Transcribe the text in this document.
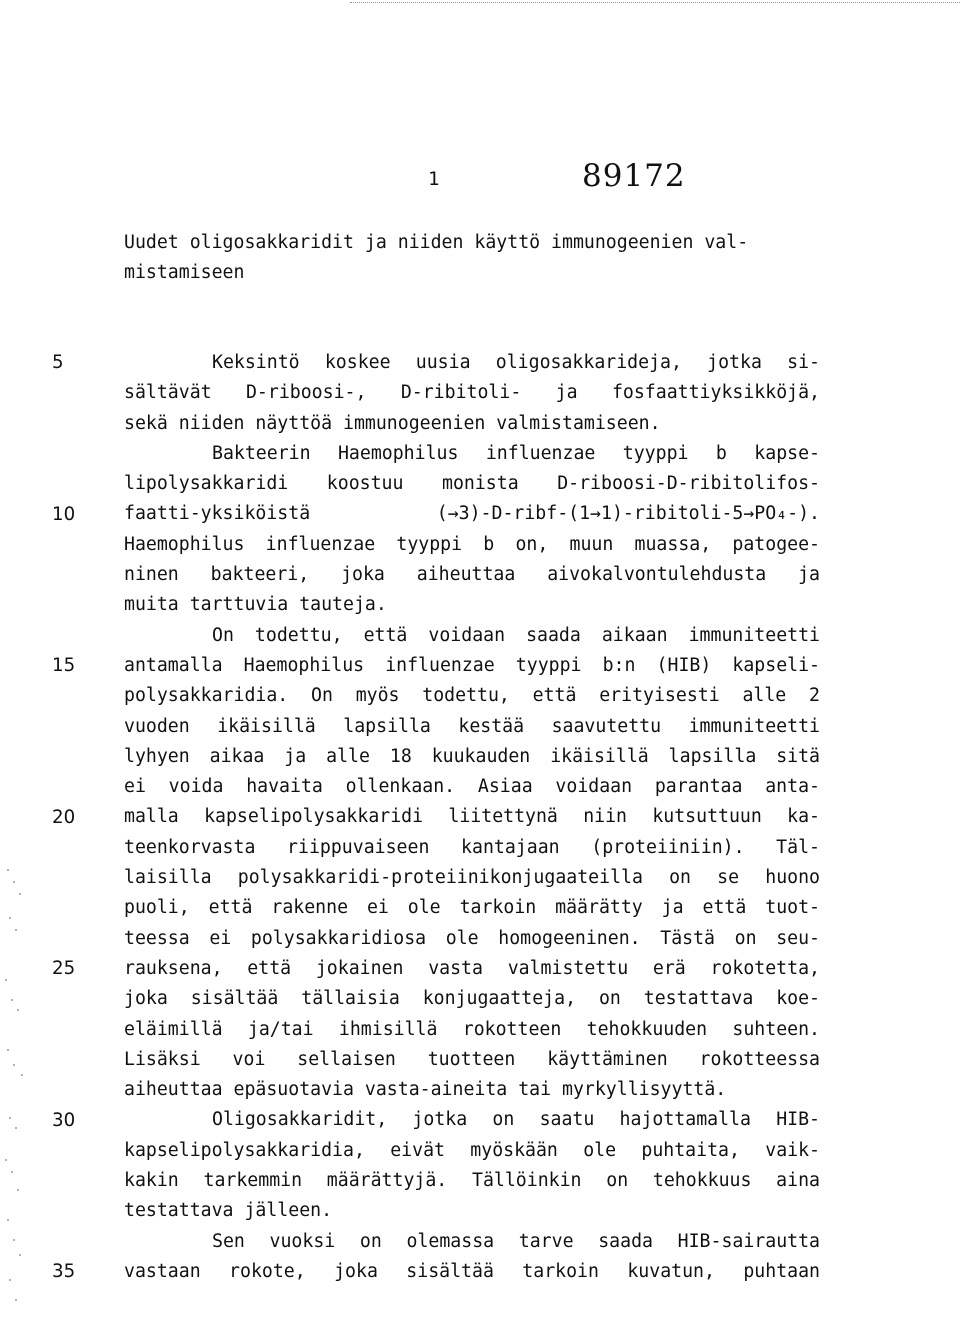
1	89172
Uudet oligosakkaridit ja niiden käyttö immunogeenien val-
mistamiseen
5
10
15
20
25
30
35
Keksintö koskee uusia oligosakkarideja, jotka si-
sältävät D-riboosi-, D-ribitoli- ja fosfaattiyksikköjä,
sekä niiden näyttöä immunogeenien valmistamiseen.
Bakteerin Haemophilus influenzae tyyppi b kapse-
lipolysakkaridi koostuu monista D-riboosi-D-ribitolifos-
faatti-yksiköistä (→3)-D-ribf-(1→1)-ribitoli-5→PO₄-).
Haemophilus influenzae tyyppi b on, muun muassa, patogee-
ninen bakteeri, joka aiheuttaa aivokalvontulehdusta ja
muita tarttuvia tauteja.
On todettu, että voidaan saada aikaan immuniteetti
antamalla Haemophilus influenzae tyyppi b:n (HIB) kapseli-
polysakkaridia. On myös todettu, että erityisesti alle 2
vuoden ikäisillä lapsilla kestää saavutettu immuniteetti
lyhyen aikaa ja alle 18 kuukauden ikäisillä lapsilla sitä
ei voida havaita ollenkaan. Asiaa voidaan parantaa anta-
malla kapselipolysakkaridi liitettynä niin kutsuttuun ka-
teenkorvasta riippuvaiseen kantajaan (proteiiniin). Täl-
laisilla polysakkaridi-proteiinikonjugaateilla on se huono
puoli, että rakenne ei ole tarkoin määrätty ja että tuot-
teessa ei polysakkaridiosa ole homogeeninen. Tästä on seu-
rauksena, että jokainen vasta valmistettu erä rokotetta,
joka sisältää tällaisia konjugaatteja, on testattava koe-
eläimillä ja/tai ihmisillä rokotteen tehokkuuden suhteen.
Lisäksi voi sellaisen tuotteen käyttäminen rokotteessa
aiheuttaa epäsuotavia vasta-aineita tai myrkyllisyyttä.
Oligosakkaridit, jotka on saatu hajottamalla HIB-
kapselipolysakkaridia, eivät myöskään ole puhtaita, vaik-
kakin tarkemmin määrättyjä. Tällöinkin on tehokkuus aina
testattava jälleen.
Sen vuoksi on olemassa tarve saada HIB-sairautta
vastaan rokote, joka sisältää tarkoin kuvatun, puhtaan
